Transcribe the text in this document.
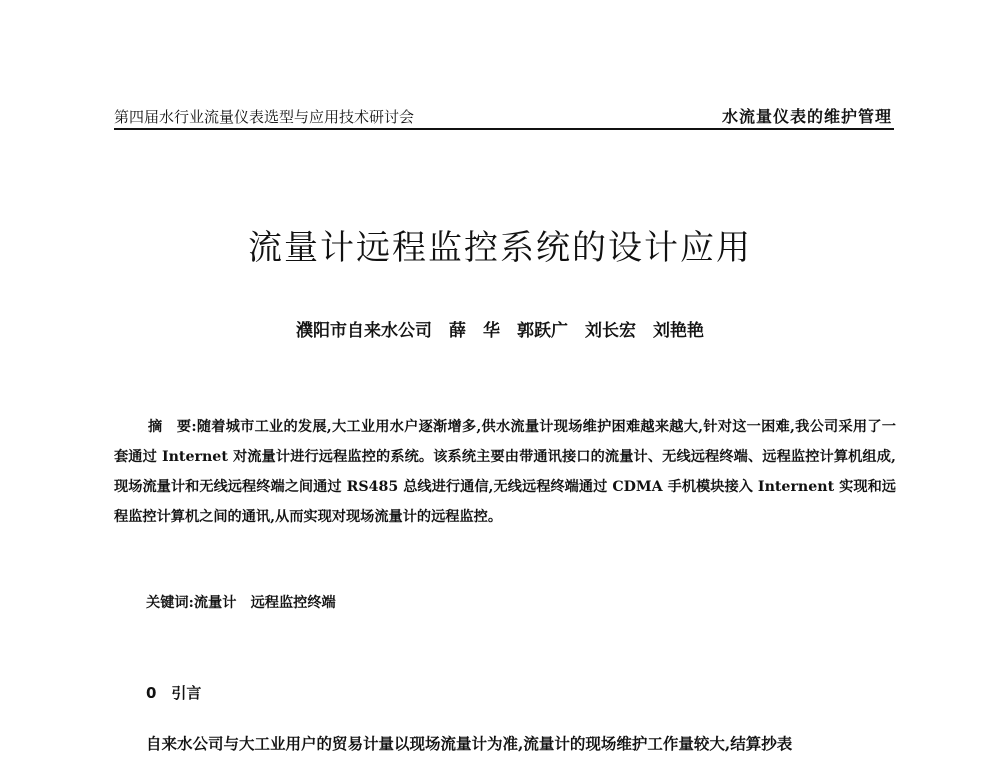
第四届水行业流量仪表选型与应用技术研讨会	水流量仪表的维护管理
流量计远程监控系统的设计应用
濮阳市自来水公司　薛　华　郭跃广　刘长宏　刘艳艳
摘　要:随着城市工业的发展,大工业用水户逐渐增多,供水流量计现场维护困难越来越大,针对这一困难,我公司采用了一套通过 Internet 对流量计进行远程监控的系统。该系统主要由带通讯接口的流量计、无线远程终端、远程监控计算机组成,现场流量计和无线远程终端之间通过 RS485 总线进行通信,无线远程终端通过 CDMA 手机模块接入 Internent 实现和远程监控计算机之间的通讯,从而实现对现场流量计的远程监控。
关键词:流量计　远程监控终端
0　引言
自来水公司与大工业用户的贸易计量以现场流量计为准,流量计的现场维护工作量较大,结算抄表
